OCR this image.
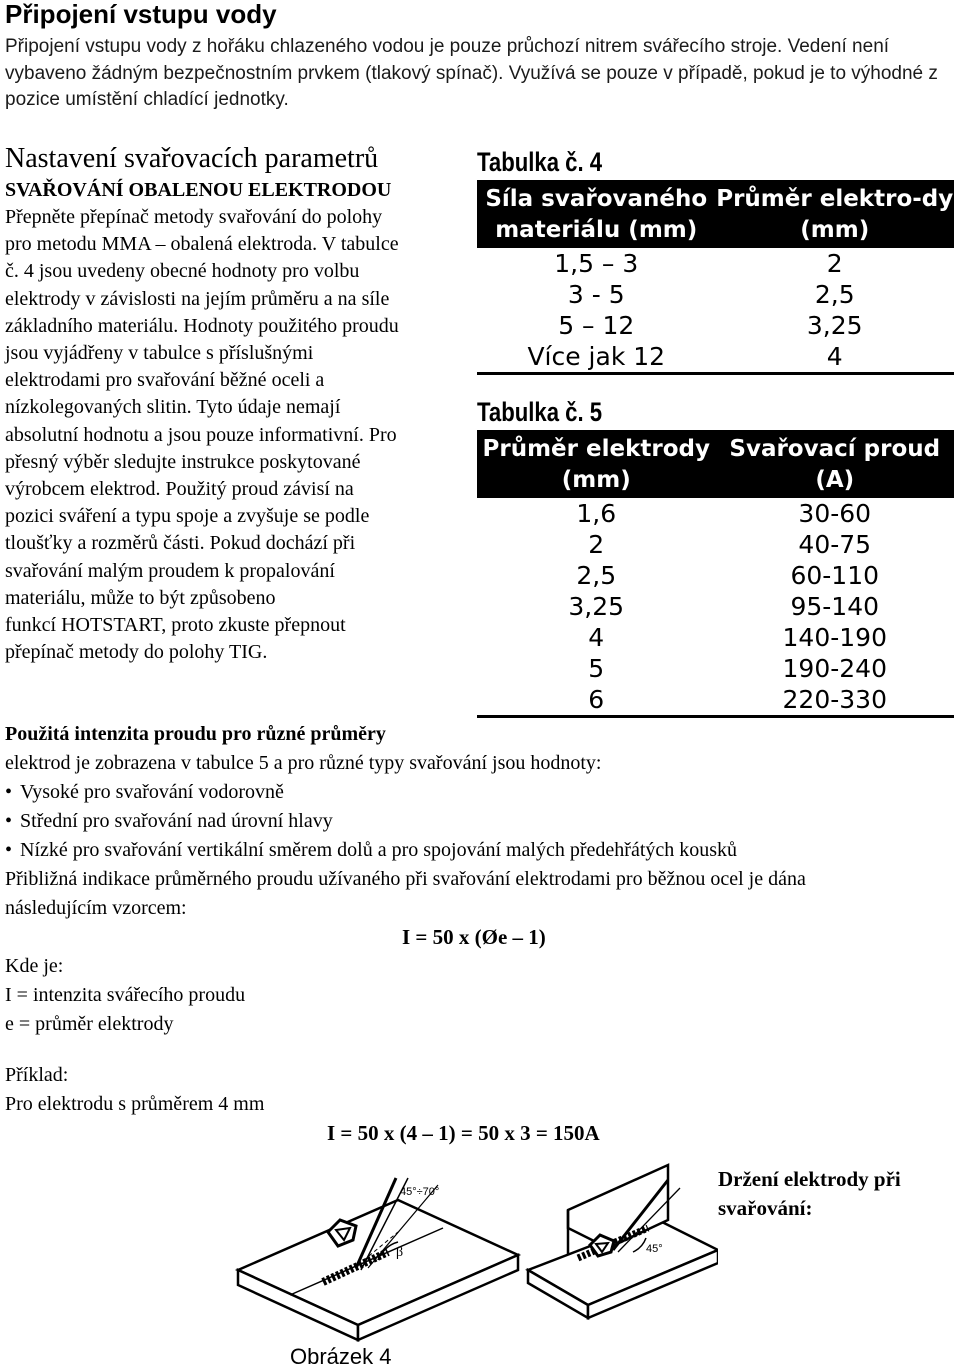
Připojení vstupu vody
Připojení vstupu vody z hořáku chlazeného vodou je pouze průchozí nitrem svářecího stroje. Vedení není vybaveno žádným bezpečnostním prvkem (tlakový spínač). Využívá se pouze v případě, pokud je to výhodné z pozice umístění chladící jednotky.
Nastavení svařovacích parametrů
SVAŘOVÁNÍ OBALENOU ELEKTRODOU
Přepněte přepínač metody svařování do polohy
pro metodu MMA – obalená elektroda. V tabulce
č. 4 jsou uvedeny obecné hodnoty pro volbu
elektrody v závislosti na jejím průměru a na síle
základního materiálu. Hodnoty použitého proudu
jsou vyjádřeny v tabulce s příslušnými
elektrodami pro svařování běžné oceli a
nízkolegovaných slitin. Tyto údaje nemají
absolutní hodnotu a jsou pouze informativní. Pro
přesný výběr sledujte instrukce poskytované
výrobcem elektrod. Použitý proud závisí na
pozici sváření a typu spoje a zvyšuje se podle
tloušťky a rozměrů části. Pokud dochází při
svařování malým proudem k propalování
materiálu, může to být způsobeno
funkcí HOTSTART, proto zkuste přepnout
přepínač metody do polohy TIG.
Tabulka č. 4
Síla svařovaného materiálu (mm)	Průměr elektro-dy (mm)
1,5 – 3	2
3 - 5	2,5
5 – 12	3,25
Více jak 12	4
Tabulka č. 5
Průměr elektrody (mm)	Svařovací proud (A)
1,6	30-60
2	40-75
2,5	60-110
3,25	95-140
4	140-190
5	190-240
6	220-330
Použitá intenzita proudu pro různé průměry
elektrod je zobrazena v tabulce 5 a pro různé typy svařování jsou hodnoty:
• Vysoké pro svařování vodorovně
• Střední pro svařování nad úrovní hlavy
• Nízké pro svařování vertikální směrem dolů a pro spojování malých předehřátých kousků
Přibližná indikace průměrného proudu užívaného při svařování elektrodami pro běžnou ocel je dána
následujícím vzorcem:
I = 50 x (Øe – 1)
Kde je:
I = intenzita svářecího proudu
e = průměr elektrody
Příklad:
Pro elektrodu s průměrem 4 mm
I = 50 x (4 – 1) = 50 x 3 = 150A
45°÷70°
β	45°
Držení elektrody při svařování:
Obrázek 4
